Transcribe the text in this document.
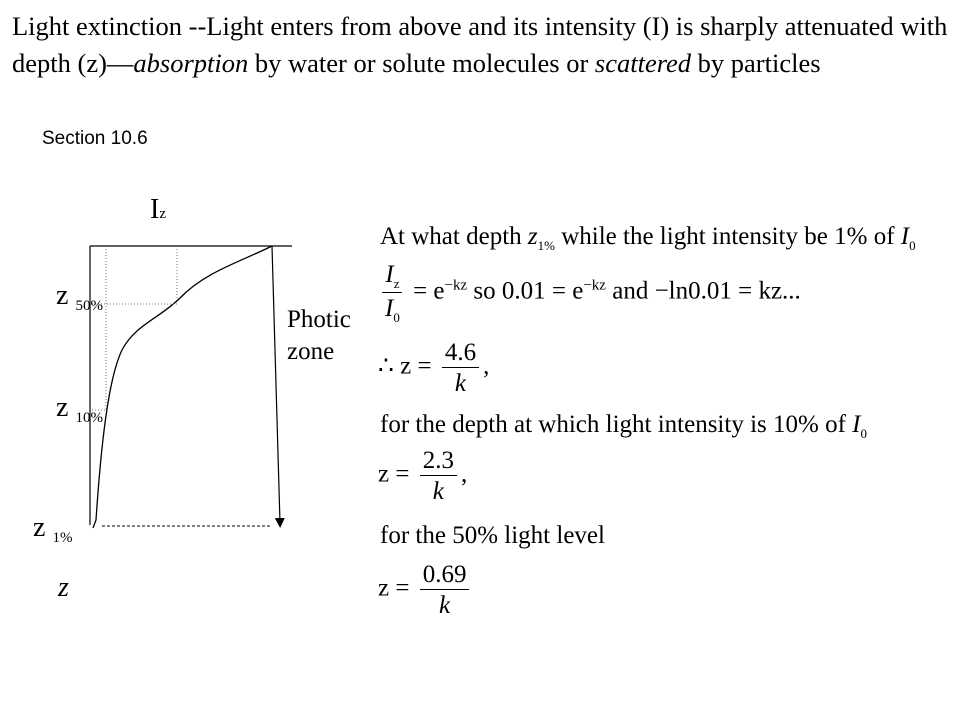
Light extinction --Light enters from above and its intensity (I) is sharply attenuated with depth (z)—absorption by water or solute molecules or scattered by particles
Section 10.6
Iz
z $_{50\%}$
z $_{10\%}$
z $_{1\%}$
z
Photic
zone
At what depth $z_{1\%}$ while the light intensity be 1% of $I_0$
$\frac{I_z}{I_0} = e^{-kz}$ so $0.01 = e^{-kz}$ and −ln0.01 = kz...
∴ $z = \frac{4.6}{k}$ ,
for the depth at which light intensity is 10% of $I_0$
$z = \frac{2.3}{k}$ ,
for the 50% light level
$z = \frac{0.69}{k}$
